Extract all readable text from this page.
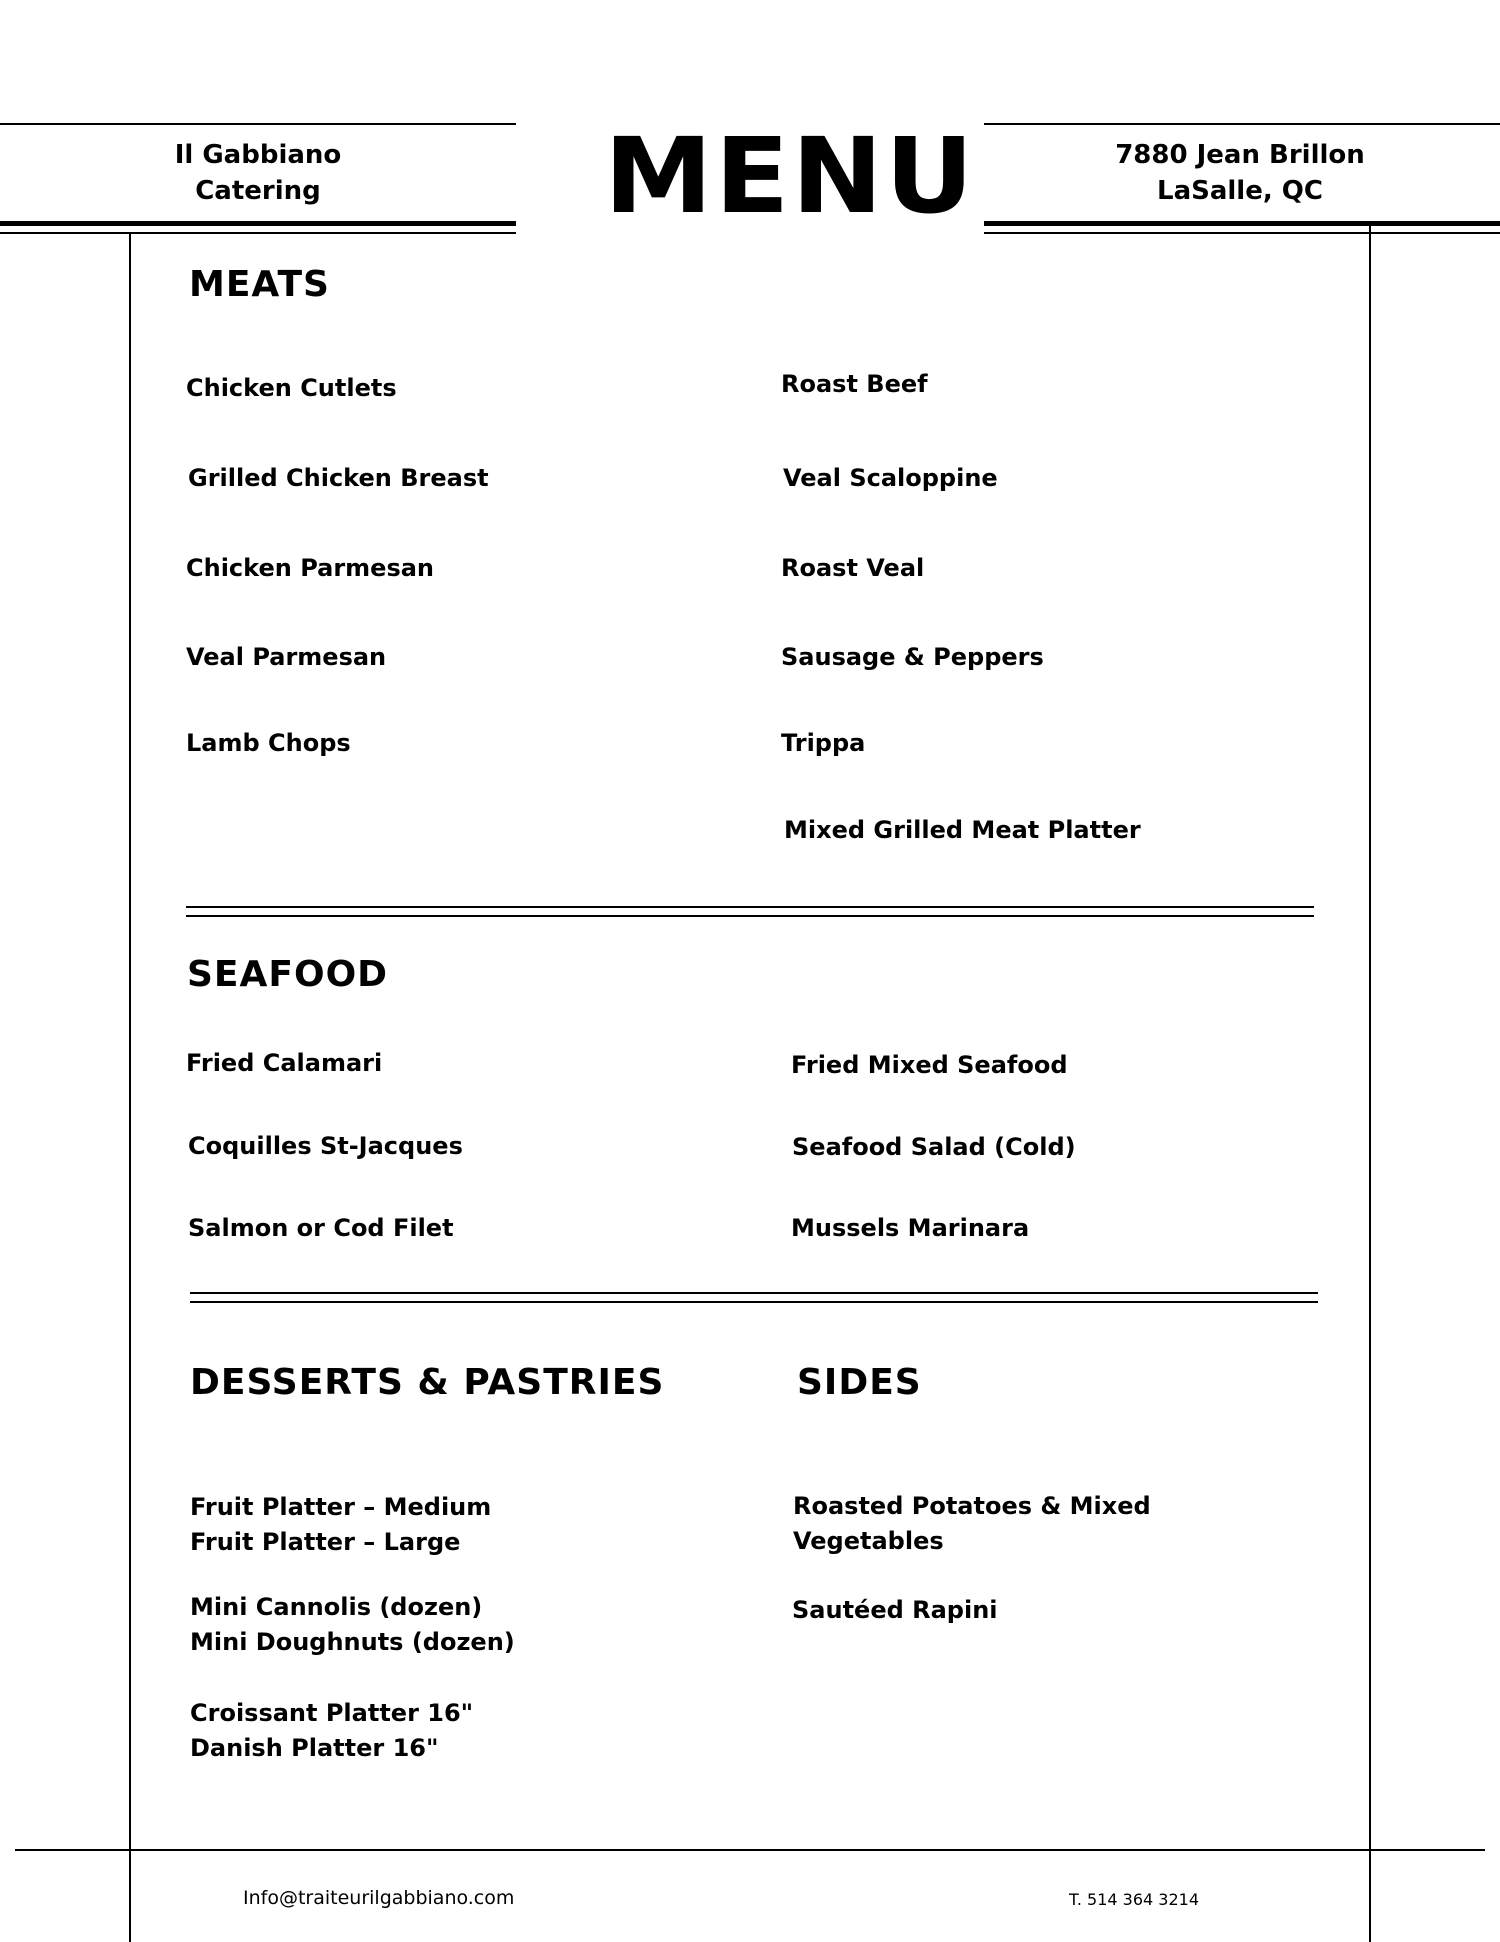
Il Gabbiano
Catering	MENU	7880 Jean Brillon
LaSalle, QC
MEATS
Chicken Cutlets
Grilled Chicken Breast
Chicken Parmesan
Veal Parmesan
Lamb Chops
Roast Beef
Veal Scaloppine
Roast Veal
Sausage & Peppers
Trippa
Mixed Grilled Meat Platter
SEAFOOD
Fried Calamari
Coquilles St-Jacques
Salmon or Cod Filet
Fried Mixed Seafood
Seafood Salad (Cold)
Mussels Marinara
DESSERTS & PASTRIES
Fruit Platter – Medium
Fruit Platter – Large
Mini Cannolis (dozen)
Mini Doughnuts (dozen)
Croissant Platter 16"
Danish Platter 16"
SIDES
Roasted Potatoes & Mixed
Vegetables
Sautéed Rapini
Info@traiteurilgabbiano.com	T. 514 364 3214
